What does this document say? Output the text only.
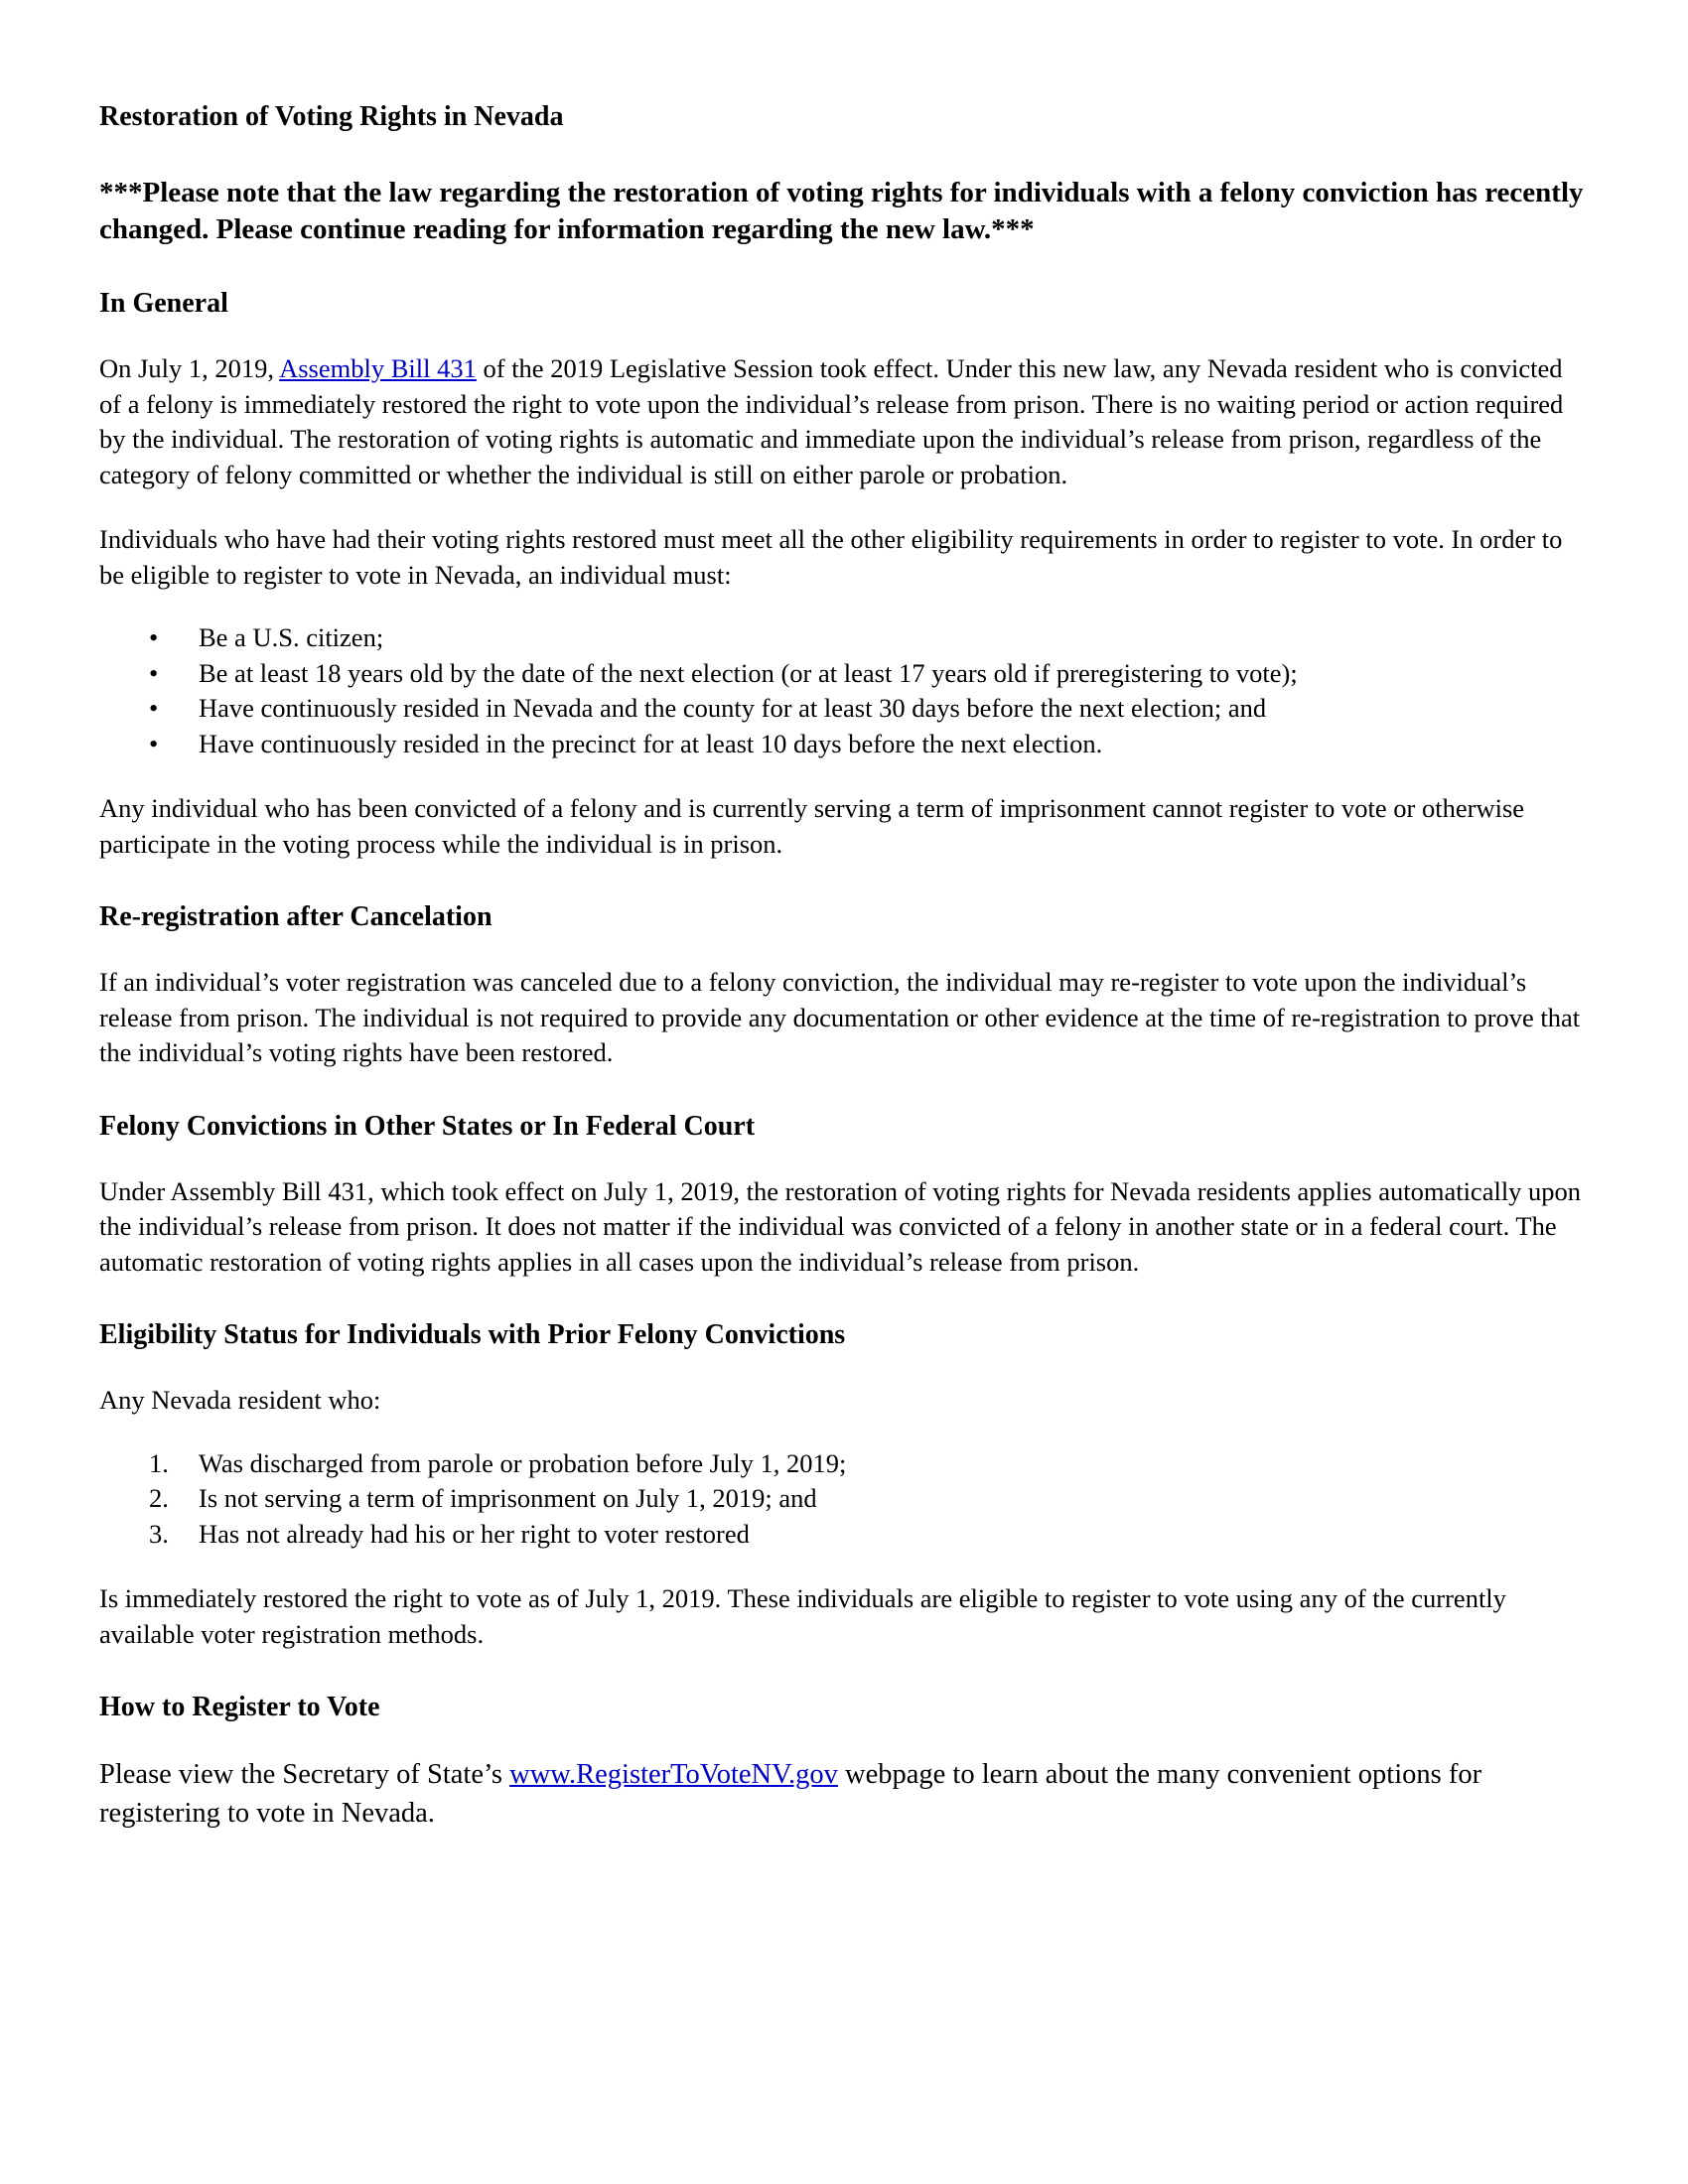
Restoration of Voting Rights in Nevada

***Please note that the law regarding the restoration of voting rights for individuals with a felony conviction has recently changed. Please continue reading for information regarding the new law.***

In General

On July 1, 2019, Assembly Bill 431 of the 2019 Legislative Session took effect. Under this new law, any Nevada resident who is convicted of a felony is immediately restored the right to vote upon the individual’s release from prison. There is no waiting period or action required by the individual. The restoration of voting rights is automatic and immediate upon the individual’s release from prison, regardless of the category of felony committed or whether the individual is still on either parole or probation.

Individuals who have had their voting rights restored must meet all the other eligibility requirements in order to register to vote. In order to be eligible to register to vote in Nevada, an individual must:

• Be a U.S. citizen;
• Be at least 18 years old by the date of the next election (or at least 17 years old if preregistering to vote);
• Have continuously resided in Nevada and the county for at least 30 days before the next election; and
• Have continuously resided in the precinct for at least 10 days before the next election.

Any individual who has been convicted of a felony and is currently serving a term of imprisonment cannot register to vote or otherwise participate in the voting process while the individual is in prison.

Re-registration after Cancelation

If an individual’s voter registration was canceled due to a felony conviction, the individual may re-register to vote upon the individual’s release from prison. The individual is not required to provide any documentation or other evidence at the time of re-registration to prove that the individual’s voting rights have been restored.

Felony Convictions in Other States or In Federal Court

Under Assembly Bill 431, which took effect on July 1, 2019, the restoration of voting rights for Nevada residents applies automatically upon the individual’s release from prison. It does not matter if the individual was convicted of a felony in another state or in a federal court. The automatic restoration of voting rights applies in all cases upon the individual’s release from prison.

Eligibility Status for Individuals with Prior Felony Convictions

Any Nevada resident who:

1. Was discharged from parole or probation before July 1, 2019;
2. Is not serving a term of imprisonment on July 1, 2019; and
3. Has not already had his or her right to voter restored

Is immediately restored the right to vote as of July 1, 2019. These individuals are eligible to register to vote using any of the currently available voter registration methods.

How to Register to Vote

Please view the Secretary of State’s www.RegisterToVoteNV.gov webpage to learn about the many convenient options for registering to vote in Nevada.
